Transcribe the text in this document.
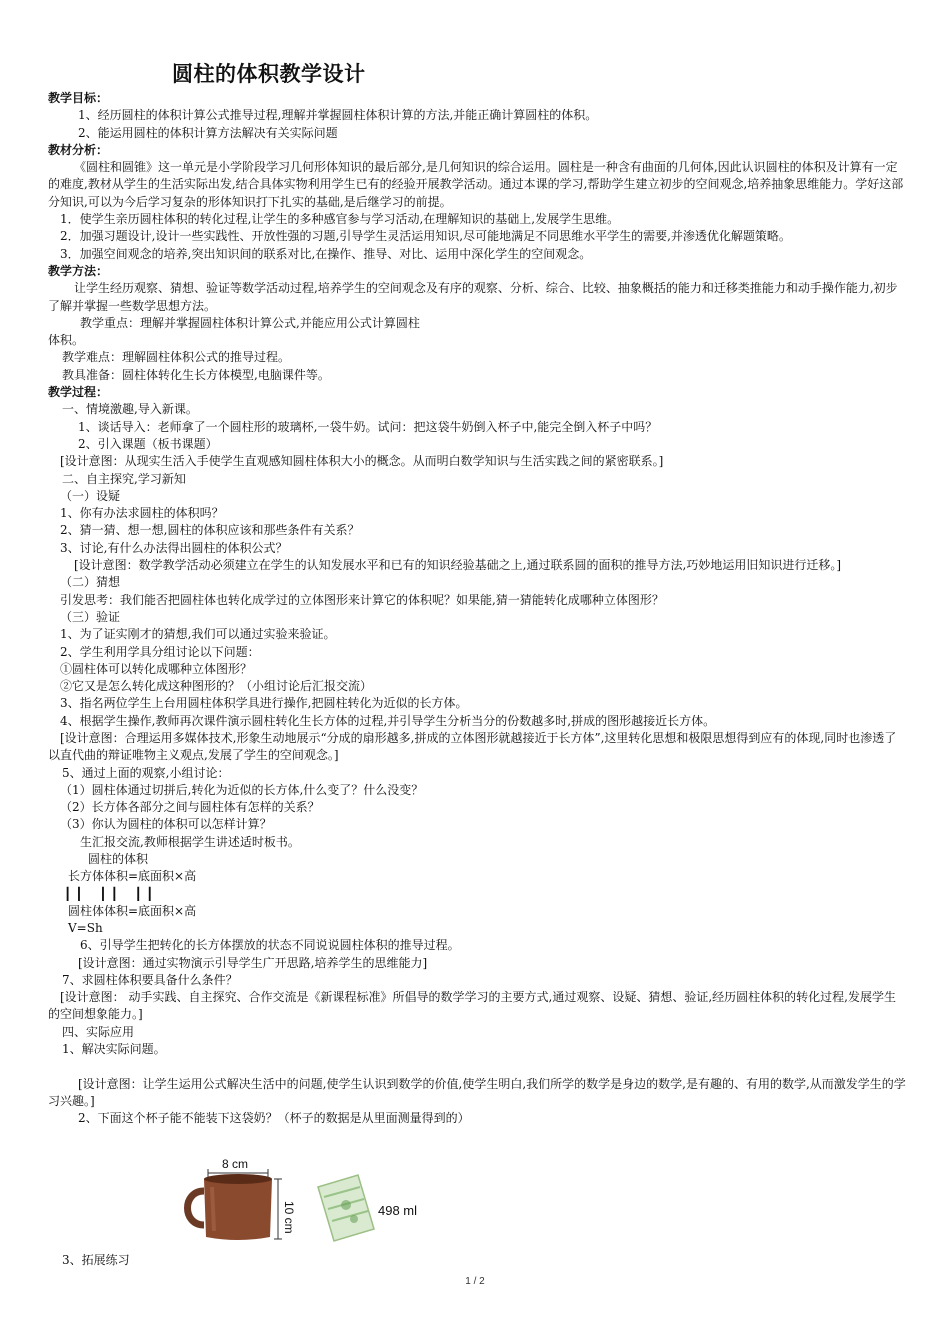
圆柱的体积教学设计

教学目标：

1、经历圆柱的体积计算公式推导过程,理解并掌握圆柱体积计算的方法,并能正确计算圆柱的体积。

2、能运用圆柱的体积计算方法解决有关实际问题

教材分析：

《圆柱和圆锥》这一单元是小学阶段学习几何形体知识的最后部分,是几何知识的综合运用。圆柱是一种含有曲面的几何体,因此认识圆柱的体积及计算有一定的难度,教材从学生的生活实际出发,结合具体实物利用学生已有的经验开展教学活动。通过本课的学习,帮助学生建立初步的空间观念,培养抽象思维能力。学好这部分知识,可以为今后学习复杂的形体知识打下扎实的基础,是后继学习的前提。

1．使学生亲历圆柱体积的转化过程,让学生的多种感官参与学习活动,在理解知识的基础上,发展学生思维。

2．加强习题设计,设计一些实践性、开放性强的习题,引导学生灵活运用知识,尽可能地满足不同思维水平学生的需要,并渗透优化解题策略。

3．加强空间观念的培养,突出知识间的联系对比,在操作、推导、对比、运用中深化学生的空间观念。

教学方法：

让学生经历观察、猜想、验证等数学活动过程,培养学生的空间观念及有序的观察、分析、综合、比较、抽象概括的能力和迁移类推能力和动手操作能力,初步了解并掌握一些数学思想方法。

教学重点：理解并掌握圆柱体积计算公式,并能应用公式计算圆柱

体积。

教学难点：理解圆柱体积公式的推导过程。

教具准备：圆柱体转化生长方体模型,电脑课件等。

教学过程：

一、情境激趣,导入新课。

1、谈话导入：老师拿了一个圆柱形的玻璃杯,一袋牛奶。试问：把这袋牛奶倒入杯子中,能完全倒入杯子中吗？

2、引入课题（板书课题）

[设计意图：从现实生活入手使学生直观感知圆柱体积大小的概念。从而明白数学知识与生活实践之间的紧密联系。]

二、自主探究,学习新知

（一）设疑

1、你有办法求圆柱的体积吗？

2、猜一猜、想一想,圆柱的体积应该和那些条件有关系？

3、讨论,有什么办法得出圆柱的体积公式？

[设计意图：数学教学活动必须建立在学生的认知发展水平和已有的知识经验基础之上,通过联系圆的面积的推导方法,巧妙地运用旧知识进行迁移。]

（二）猜想

引发思考：我们能否把圆柱体也转化成学过的立体图形来计算它的体积呢？如果能,猜一猜能转化成哪种立体图形？

（三）验证

1、为了证实刚才的猜想,我们可以通过实验来验证。

2、学生利用学具分组讨论以下问题：

①圆柱体可以转化成哪种立体图形？

②它又是怎么转化成这种图形的？（小组讨论后汇报交流）

3、指名两位学生上台用圆柱体积学具进行操作,把圆柱转化为近似的长方体。

4、根据学生操作,教师再次课件演示圆柱转化生长方体的过程,并引导学生分析当分的份数越多时,拼成的图形越接近长方体。

[设计意图：合理运用多媒体技术,形象生动地展示“分成的扇形越多,拼成的立体图形就越接近于长方体”,这里转化思想和极限思想得到应有的体现,同时也渗透了以直代曲的辩证唯物主义观点,发展了学生的空间观念。]

5、通过上面的观察,小组讨论：

（1）圆柱体通过切拼后,转化为近似的长方体,什么变了？什么没变？

（2）长方体各部分之间与圆柱体有怎样的关系？

（3）你认为圆柱的体积可以怎样计算？

生汇报交流,教师根据学生讲述适时板书。

圆柱的体积

长方体体积=底面积×高

┃ ┃    ┃ ┃    ┃ ┃

圆柱体体积=底面积×高

V=Sh

6、引导学生把转化的长方体摆放的状态不同说说圆柱体积的推导过程。

[设计意图：通过实物演示引导学生广开思路,培养学生的思维能力]

7、求圆柱体积要具备什么条件？

[设计意图： 动手实践、自主探究、合作交流是《新课程标准》所倡导的数学学习的主要方式,通过观察、设疑、猜想、验证,经历圆柱体积的转化过程,发展学生的空间想象能力。]

四、实际应用

1、解决实际问题。

[设计意图：让学生运用公式解决生活中的问题,使学生认识到数学的价值,使学生明白,我们所学的数学是身边的数学,是有趣的、有用的数学,从而激发学生的学习兴趣。]

2、下面这个杯子能不能装下这袋奶？（杯子的数据是从里面测量得到的）

8 cm
10 cm	498 ml
3、拓展练习
1 / 2
